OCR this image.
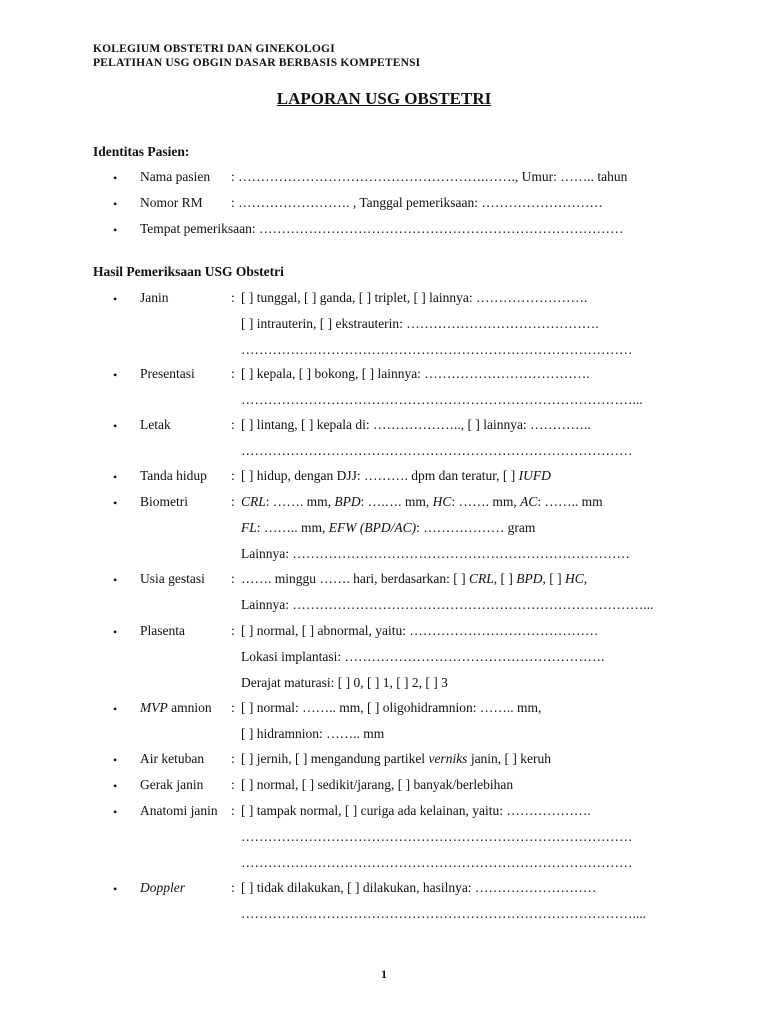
KOLEGIUM OBSTETRI DAN GINEKOLOGI
PELATIHAN USG OBGIN DASAR BERBASIS KOMPETENSI
LAPORAN USG OBSTETRI
Identitas Pasien:
• Nama pasien : ……………………………………………….……., Umur: …….. tahun
• Nomor RM : ……………………. , Tanggal pemeriksaan: ………………………
• Tempat pemeriksaan: ………………………………………………………………………
Hasil Pemeriksaan USG Obstetri
• Janin	: [ ] tunggal, [ ] ganda, [ ] triplet, [ ] lainnya: …………………….
[ ] intrauterin, [ ] ekstrauterin: …………………………………….
……………………………………………………………………………
• Presentasi	: [ ] kepala, [ ] bokong, [ ] lainnya: ……………………………….
……………………………………………………………………………...
• Letak	: [ ] lintang, [ ] kepala di: ……………….., [ ] lainnya: …………..
……………………………………………………………………………
• Tanda hidup : [ ] hidup, dengan DJJ: ………. dpm dan teratur, [ ] IUFD
• Biometri	: CRL: ……. mm, BPD: ….…. mm, HC: ……. mm, AC: …….. mm
FL: …….. mm, EFW (BPD/AC): ……………… gram
Lainnya: …………………………………………………………………
• Usia gestasi : ……. minggu ……. hari, berdasarkan: [ ] CRL, [ ] BPD, [ ] HC,
Lainnya: ……………………………………………………………………...
• Plasenta	: [ ] normal, [ ] abnormal, yaitu: ……………………………………
Lokasi implantasi: ………………………………………………….
Derajat maturasi: [ ] 0, [ ] 1, [ ] 2, [ ] 3
• MVP amnion : [ ] normal: …….. mm, [ ] oligohidramnion: …….. mm,
[ ] hidramnion: …….. mm
• Air ketuban : [ ] jernih, [ ] mengandung partikel verniks janin, [ ] keruh
• Gerak janin : [ ] normal, [ ] sedikit/jarang, [ ] banyak/berlebihan
• Anatomi janin : [ ] tampak normal, [ ] curiga ada kelainan, yaitu: ……………….
……………………………………………………………………………
……………………………………………………………………………
• Doppler	: [ ] tidak dilakukan, [ ] dilakukan, hasilnya: ………………………
……………………………………………………………………………....
1
